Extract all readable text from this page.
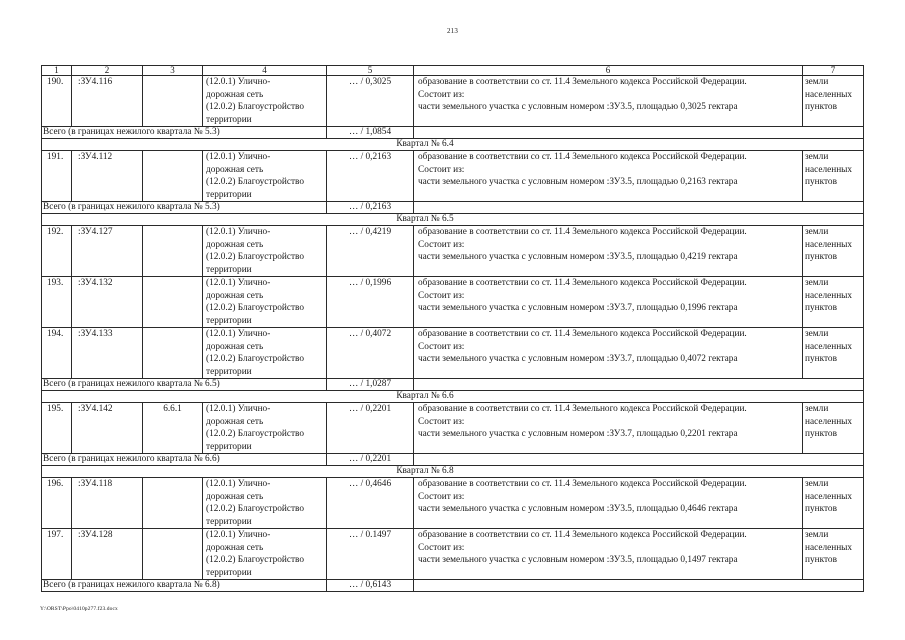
213
1	2	3	4	5	6	7
190.	:ЗУ4.116		(12.0.1) Улично-
дорожная сеть
(12.0.2) Благоустройство
территории	… / 0,3025	образование в соответствии со ст. 11.4 Земельного кодекса Российской Федерации.
Состоит из:
части земельного участка с условным номером :ЗУ3.5, площадью 0,3025 гектара	земли
населенных
пунктов

Всего (в границах нежилого квартала № 5.3)				… / 1,0854		
Квартал № 6.4						
191.	:ЗУ4.112		(12.0.1) Улично-
дорожная сеть
(12.0.2) Благоустройство
территории	… / 0,2163	образование в соответствии со ст. 11.4 Земельного кодекса Российской Федерации.
Состоит из:
части земельного участка с условным номером :ЗУ3.5, площадью 0,2163 гектара	земли
населенных
пунктов

Всего (в границах нежилого квартала № 5.3)				… / 0,2163		
Квартал № 6.5						
192.	:ЗУ4.127		(12.0.1) Улично-
дорожная сеть
(12.0.2) Благоустройство
территории	… / 0,4219	образование в соответствии со ст. 11.4 Земельного кодекса Российской Федерации.
Состоит из:
части земельного участка с условным номером :ЗУ3.5, площадью 0,4219 гектара	земли
населенных
пунктов

193.	:ЗУ4.132		(12.0.1) Улично-
дорожная сеть
(12.0.2) Благоустройство
территории	… / 0,1996	образование в соответствии со ст. 11.4 Земельного кодекса Российской Федерации.
Состоит из:
части земельного участка с условным номером :ЗУ3.7, площадью 0,1996 гектара	земли
населенных
пунктов

194.	:ЗУ4.133		(12.0.1) Улично-
дорожная сеть
(12.0.2) Благоустройство
территории	… / 0,4072	образование в соответствии со ст. 11.4 Земельного кодекса Российской Федерации.
Состоит из:
части земельного участка с условным номером :ЗУ3.7, площадью 0,4072 гектара	земли
населенных
пунктов

Всего (в границах нежилого квартала № 6.5)				… / 1,0287		
Квартал № 6.6						
195.	:ЗУ4.142	6.6.1	(12.0.1) Улично-
дорожная сеть
(12.0.2) Благоустройство
территории	… / 0,2201	образование в соответствии со ст. 11.4 Земельного кодекса Российской Федерации.
Состоит из:
части земельного участка с условным номером :ЗУ3.7, площадью 0,2201 гектара	земли
населенных
пунктов

Всего (в границах нежилого квартала № 6.6)				… / 0,2201		
Квартал № 6.8						
196.	:ЗУ4.118		(12.0.1) Улично-
дорожная сеть
(12.0.2) Благоустройство
территории	… / 0,4646	образование в соответствии со ст. 11.4 Земельного кодекса Российской Федерации.
Состоит из:
части земельного участка с условным номером :ЗУ3.5, площадью 0,4646 гектара	земли
населенных
пунктов

197.	:ЗУ4.128		(12.0.1) Улично-
дорожная сеть
(12.0.2) Благоустройство
территории	… / 0.1497	образование в соответствии со ст. 11.4 Земельного кодекса Российской Федерации.
Состоит из:
части земельного участка с условным номером :ЗУ3.5, площадью 0,1497 гектара	земли
населенных
пунктов

Всего (в границах нежилого квартала № 6.8)				… / 0,6143		
Y:\ORST\Ppo\0410p277.f23.docx
